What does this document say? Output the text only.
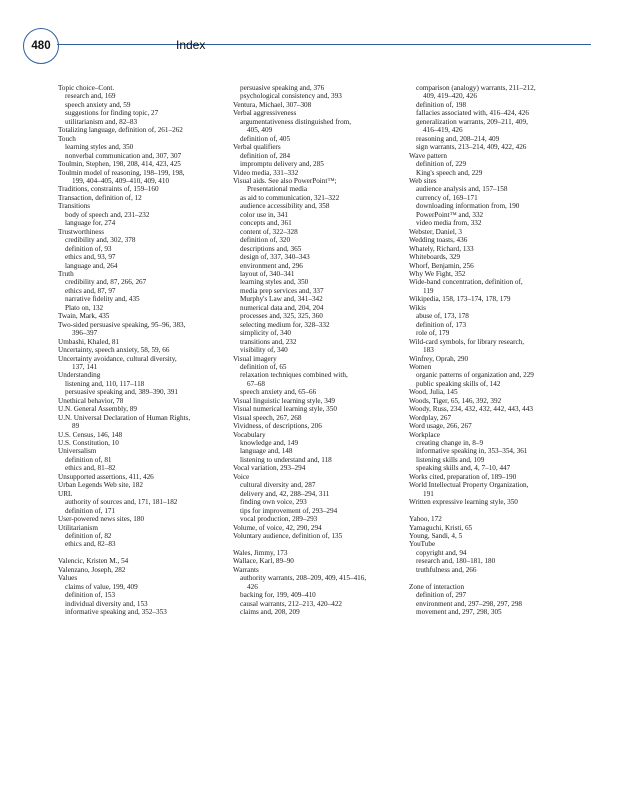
480	Index
Topic choice–Cont.
research and, 169
speech anxiety and, 59
suggestions for finding topic, 27
utilitarianism and, 82–83
Totalizing language, definition of, 261–262
Touch
learning styles and, 350
nonverbal communication and, 307, 307
Toulmin, Stephen, 198, 208, 414, 423, 425
Toulmin model of reasoning, 198–199, 198,
199, 404–405, 409–410, 409, 410
Traditions, constraints of, 159–160
Transaction, definition of, 12
Transitions
body of speech and, 231–232
language for, 274
Trustworthiness
credibility and, 302, 378
definition of, 93
ethics and, 93, 97
language and, 264
Truth
credibility and, 87, 266, 267
ethics and, 87, 97
narrative fidelity and, 435
Plato on, 132
Twain, Mark, 435
Two-sided persuasive speaking, 95–96, 383,
396–397
Umbashi, Khaled, 81
Uncertainty, speech anxiety, 58, 59, 66
Uncertainty avoidance, cultural diversity,
137, 141
Understanding
listening and, 110, 117–118
persuasive speaking and, 389–390, 391
Unethical behavior, 78
U.N. General Assembly, 89
U.N. Universal Declaration of Human Rights,
89
U.S. Census, 146, 148
U.S. Constitution, 10
Universalism
definition of, 81
ethics and, 81–82
Unsupported assertions, 411, 426
Urban Legends Web site, 182
URL
authority of sources and, 171, 181–182
definition of, 171
User-powered news sites, 180
Utilitarianism
definition of, 82
ethics and, 82–83
Valencic, Kristen M., 54
Valenzano, Joseph, 282
Values
claims of value, 199, 409
definition of, 153
individual diversity and, 153
informative speaking and, 352–353
persuasive speaking and, 376
psychological consistency and, 393
Ventura, Michael, 307–308
Verbal aggressiveness
argumentativeness distinguished from,
405, 409
definition of, 405
Verbal qualifiers
definition of, 284
impromptu delivery and, 285
Video media, 331–332
Visual aids. See also PowerPoint™;
Presentational media
as aid to communication, 321–322
audience accessibility and, 358
color use in, 341
concepts and, 361
content of, 322–328
definition of, 320
descriptions and, 365
design of, 337, 340–343
environment and, 296
layout of, 340–341
learning styles and, 350
media prep services and, 337
Murphy's Law and, 341–342
numerical data and, 204, 204
processes and, 325, 325, 360
selecting medium for, 328–332
simplicity of, 340
transitions and, 232
visibility of, 340
Visual imagery
definition of, 65
relaxation techniques combined with,
67–68
speech anxiety and, 65–66
Visual linguistic learning style, 349
Visual numerical learning style, 350
Visual speech, 267, 268
Vividness, of descriptions, 206
Vocabulary
knowledge and, 149
language and, 148
listening to understand and, 118
Vocal variation, 293–294
Voice
cultural diversity and, 287
delivery and, 42, 288–294, 311
finding own voice, 293
tips for improvement of, 293–294
vocal production, 289–293
Volume, of voice, 42, 290, 294
Voluntary audience, definition of, 135
Wales, Jimmy, 173
Wallace, Karl, 89–90
Warrants
authority warrants, 208–209, 409, 415–416,
426
backing for, 199, 409–410
causal warrants, 212–213, 420–422
claims and, 208, 209
comparison (analogy) warrants, 211–212,
409, 419–420, 426
definition of, 198
fallacies associated with, 416–424, 426
generalization warrants, 209–211, 409,
416–419, 426
reasoning and, 208–214, 409
sign warrants, 213–214, 409, 422, 426
Wave pattern
definition of, 229
King's speech and, 229
Web sites
audience analysis and, 157–158
currency of, 169–171
downloading information from, 190
PowerPoint™ and, 332
video media from, 332
Webster, Daniel, 3
Wedding toasts, 436
Whately, Richard, 133
Whiteboards, 329
Whorf, Benjamin, 256
Why We Fight, 352
Wide-band concentration, definition of,
119
Wikipedia, 158, 173–174, 178, 179
Wikis
abuse of, 173, 178
definition of, 173
role of, 179
Wild-card symbols, for library research,
183
Winfrey, Oprah, 290
Women
organic patterns of organization and, 229
public speaking skills of, 142
Wood, Julia, 145
Woods, Tiger, 65, 146, 392, 392
Woody, Russ, 234, 432, 432, 442, 443, 443
Wordplay, 267
Word usage, 266, 267
Workplace
creating change in, 8–9
informative speaking in, 353–354, 361
listening skills and, 109
speaking skills and, 4, 7–10, 447
Works cited, preparation of, 189–190
World Intellectual Property Organization,
191
Written expressive learning style, 350
Yahoo, 172
Yamaguchi, Kristi, 65
Young, Sandi, 4, 5
YouTube
copyright and, 94
research and, 180–181, 180
truthfulness and, 266
Zone of interaction
definition of, 297
environment and, 297–298, 297, 298
movement and, 297, 298, 305
